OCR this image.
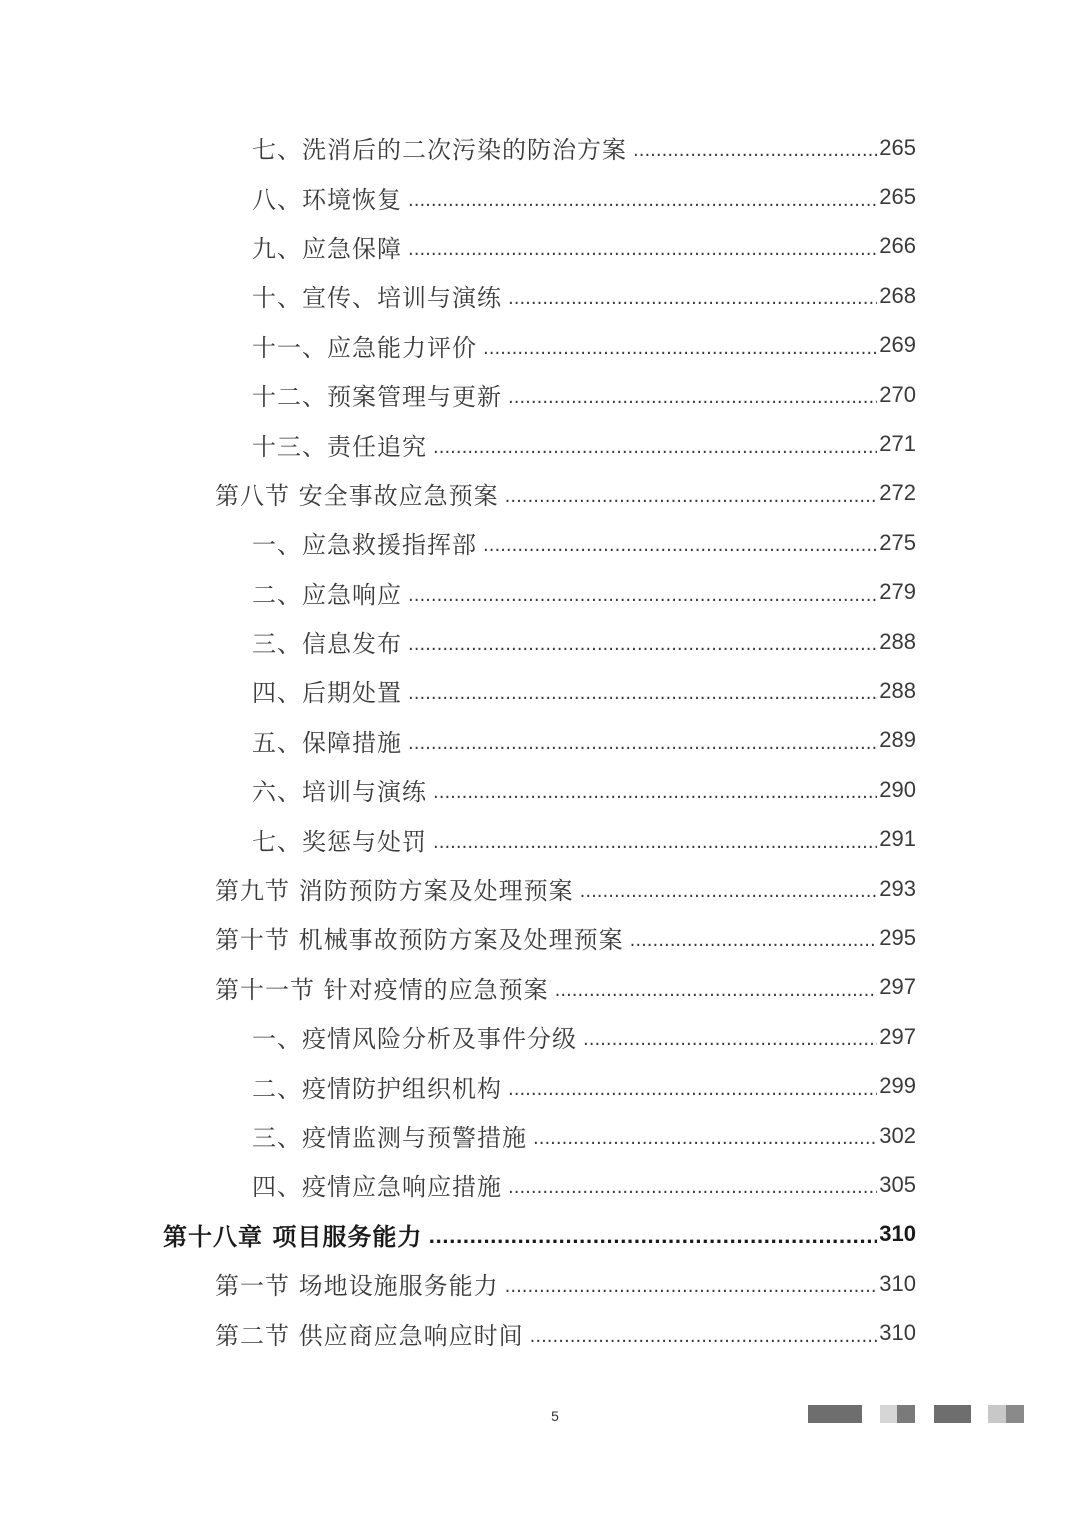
七、洗消后的二次污染的防治方案 .....	265
八、环境恢复 .....	265
九、应急保障 .....	266
十、宣传、培训与演练 .....	268
十一、应急能力评价 .....	269
十二、预案管理与更新 .....	270
十三、责任追究 .....	271
第八节 安全事故应急预案 .....	272
一、应急救援指挥部 .....	275
二、应急响应 .....	279
三、信息发布 .....	288
四、后期处置 .....	288
五、保障措施 .....	289
六、培训与演练 .....	290
七、奖惩与处罚 .....	291
第九节 消防预防方案及处理预案 .....	293
第十节 机械事故预防方案及处理预案 .....	295
第十一节 针对疫情的应急预案 .....	297
一、疫情风险分析及事件分级 .....	297
二、疫情防护组织机构 .....	299
三、疫情监测与预警措施 .....	302
四、疫情应急响应措施 .....	305
第十八章 项目服务能力 .....	310
第一节 场地设施服务能力 .....	310
第二节 供应商应急响应时间 .....	310
5
